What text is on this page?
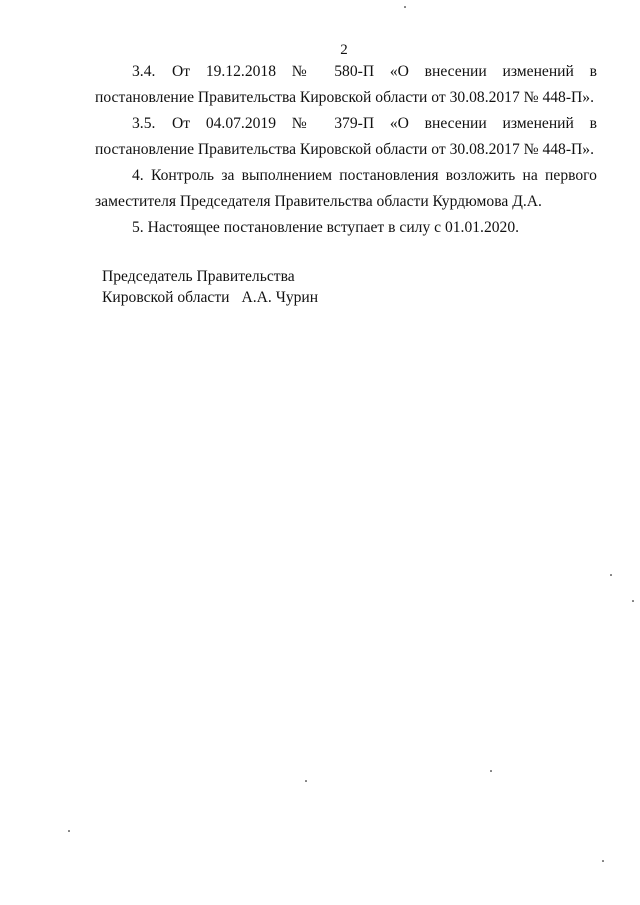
2

3.4. От 19.12.2018 № 580-П «О внесении изменений в постановление Правительства Кировской области от 30.08.2017 № 448-П».

3.5. От 04.07.2019 № 379-П «О внесении изменений в постановление Правительства Кировской области от 30.08.2017 № 448-П».

4. Контроль за выполнением постановления возложить на первого заместителя Председателя Правительства области Курдюмова Д.А.

5. Настоящее постановление вступает в силу с 01.01.2020.

Председатель Правительства
Кировской области А.А. Чурин
